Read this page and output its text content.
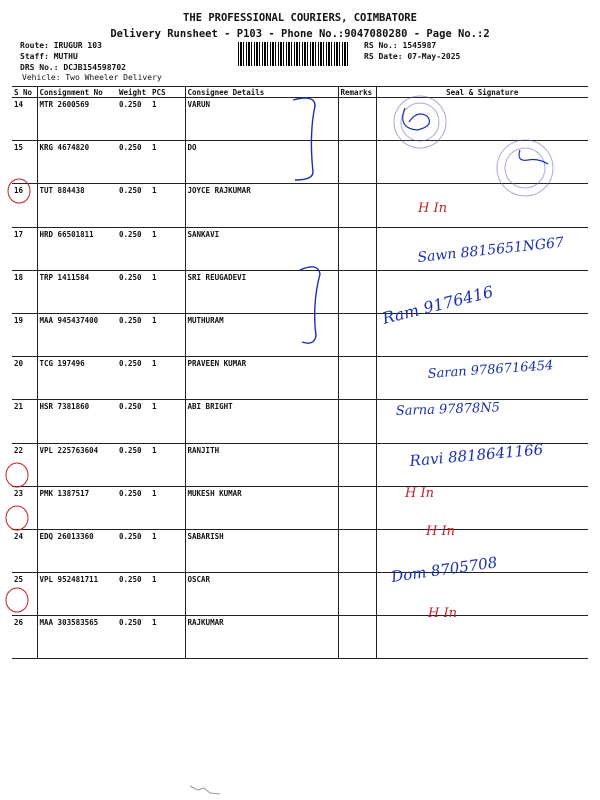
THE PROFESSIONAL COURIERS, COIMBATORE
Delivery Runsheet - P103 - Phone No.:9047080280 - Page No.:2
Route: IRUGUR 103
Staff: MUTHU
DRS No.: DCJB154598702
Vehicle: Two Wheeler Delivery
RS No.: 1545987
RS Date: 07-May-2025
S No	Consignment No	Weight	PCS	Consignee Details	Remarks	Seal & Signature
14	MTR 2600569	0.250	1	VARUN		
15	KRG 4674820	0.250	1	DO		
16	TUT 884438	0.250	1	JOYCE RAJKUMAR		
17	HRD 66501811	0.250	1	SANKAVI		
18	TRP 1411584	0.250	1	SRI REUGADEVI		
19	MAA 945437400	0.250	1	MUTHURAM		
20	TCG 197496	0.250	1	PRAVEEN KUMAR		
21	HSR 7381860	0.250	1	ABI BRIGHT		
22	VPL 225763604	0.250	1	RANJITH		
23	PMK 1387517	0.250	1	MUKESH KUMAR		
24	EDQ 26013360	0.250	1	SABARISH		
25	VPL 952481711	0.250	1	OSCAR		
26	MAA 303583565	0.250	1	RAJKUMAR		
H In
Sawn 8815651NG67
Ram 9176416
Saran 9786716454
Sarna 97878N5
Ravi 8818641166
H In
H In
Dom 8705708
H In
